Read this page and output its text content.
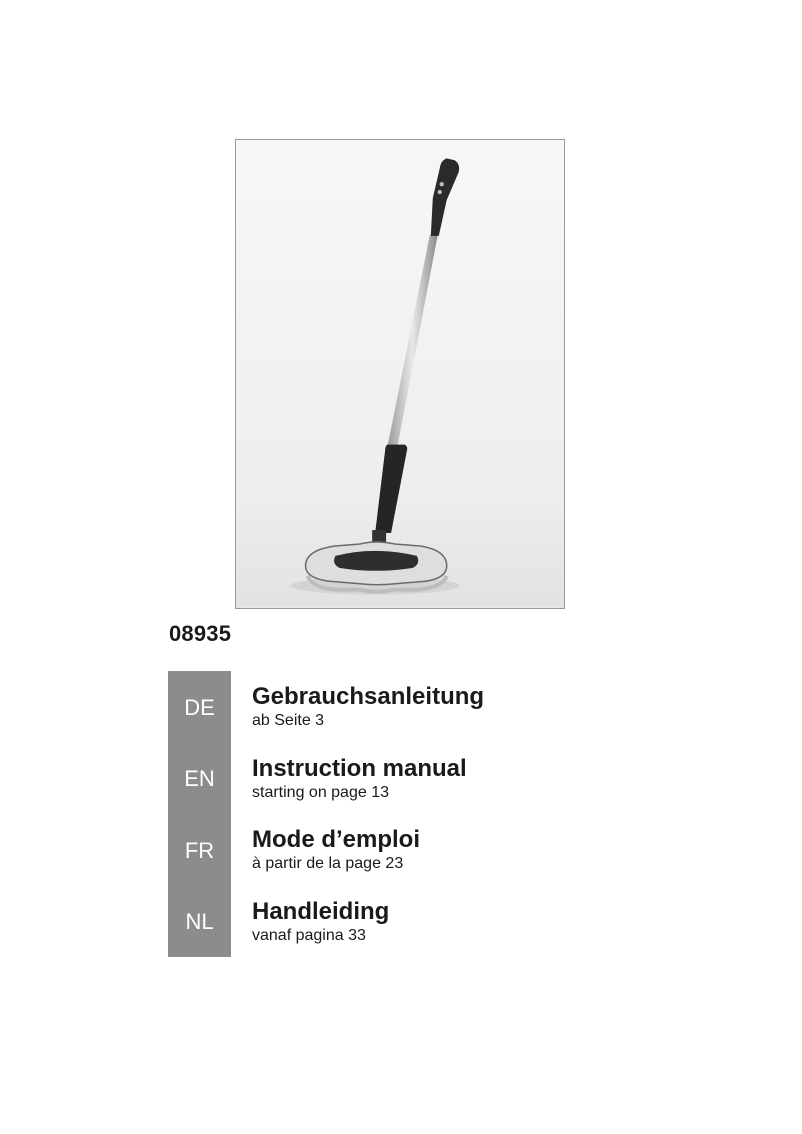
08935
DE	Gebrauchsanleitung
ab Seite 3
EN	Instruction manual
starting on page 13
FR	Mode d’emploi
à partir de la page 23
NL	Handleiding
vanaf pagina 33
